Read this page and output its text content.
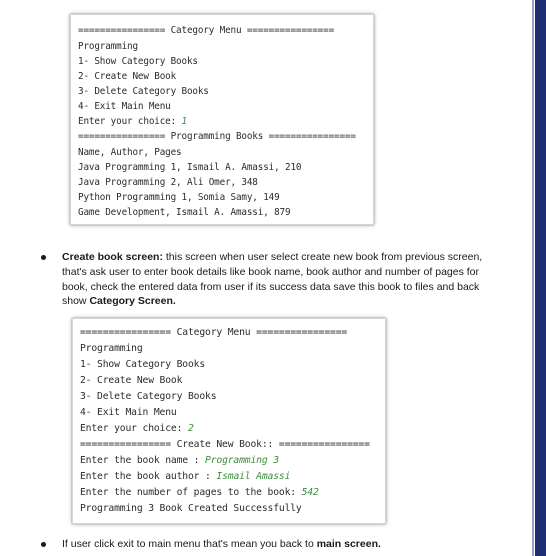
================ Category Menu ================
Programming
1- Show Category Books
2- Create New Book
3- Delete Category Books
4- Exit Main Menu
Enter your choice: 1
================ Programming Books ================
Name, Author, Pages
Java Programming 1, Ismail A. Amassi, 210
Java Programming 2, Ali Omer, 348
Python Programming 1, Somia Samy, 149
Game Development, Ismail A. Amassi, 879
Create book screen: this screen when user select create new book from previous screen, that's ask user to enter book details like book name, book author and number of pages for book, check the entered data from user if its success data save this book to files and back show Category Screen.
================ Category Menu ================
Programming
1- Show Category Books
2- Create New Book
3- Delete Category Books
4- Exit Main Menu
Enter your choice: 2
================ Create New Book:: ================
Enter the book name : Programming 3
Enter the book author : Ismail Amassi
Enter the number of pages to the book: 542
Programming 3 Book Created Successfully
If user click exit to main menu that's mean you back to main screen.
